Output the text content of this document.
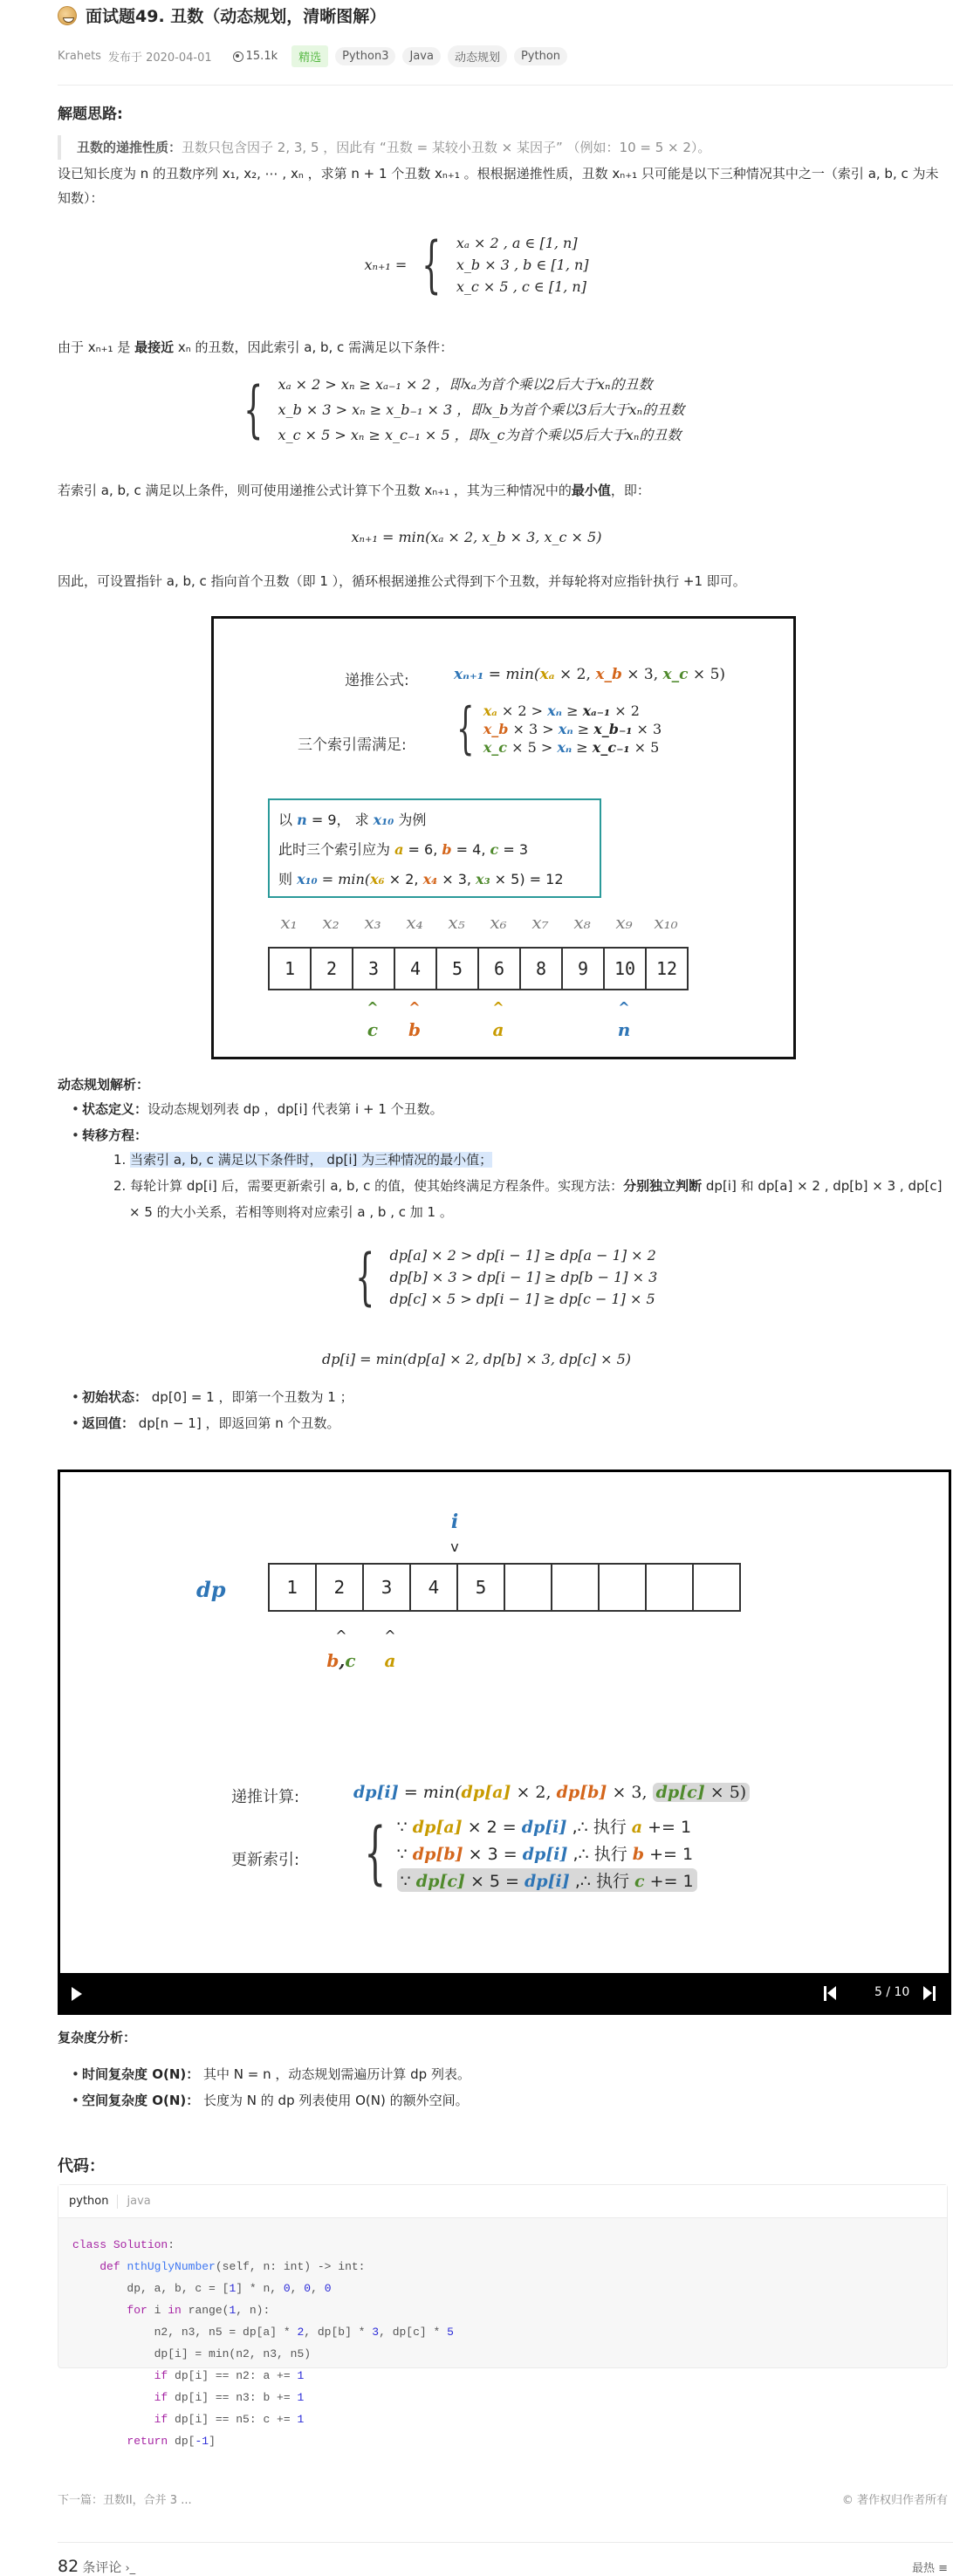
面试题49. 丑数（动态规划，清晰图解）
Krahets 发布于 2020-04-01	15.1k	精选	Python3	Java	动态规划	Python
解题思路:
丑数的递推性质：丑数只包含因子 2, 3, 5 ，因此有 “丑数 = 某较小丑数 × 某因子” （例如：10 = 5 × 2）。
设已知长度为 n 的丑数序列 x₁, x₂, ⋯ , xₙ ，求第 n + 1 个丑数 xₙ₊₁ 。根根据递推性质，丑数 xₙ₊₁ 只可能是以下三种情况其中之一（索引 a, b, c 为未知数）：
xₙ₊₁ = { xₐ × 2 , a ∈ [1, n]
x_b × 3 , b ∈ [1, n]
x_c × 5 , c ∈ [1, n]
由于 xₙ₊₁ 是 最接近 xₙ 的丑数，因此索引 a, b, c 需满足以下条件：
{ xₐ × 2 > xₙ ≥ xₐ₋₁ × 2 ，即xₐ为首个乘以2后大于xₙ的丑数
x_b × 3 > xₙ ≥ x_b₋₁ × 3 ，即x_b为首个乘以3后大于xₙ的丑数
x_c × 5 > xₙ ≥ x_c₋₁ × 5 ，即x_c为首个乘以5后大于xₙ的丑数
若索引 a, b, c 满足以上条件，则可使用递推公式计算下个丑数 xₙ₊₁ ，其为三种情况中的最小值，即：
xₙ₊₁ = min(xₐ × 2, x_b × 3, x_c × 5)
因此，可设置指针 a, b, c 指向首个丑数（即 1 ），循环根据递推公式得到下个丑数，并每轮将对应指针执行 +1 即可。
递推公式:	xₙ₊₁ = min(xₐ × 2, x_b × 3, x_c × 5)
三个索引需满足: { xₐ × 2 > xₙ ≥ xₐ₋₁ × 2
x_b × 3 > xₙ ≥ x_b₋₁ × 3
x_c × 5 > xₙ ≥ x_c₋₁ × 5
以 n = 9， 求 x₁₀ 为例
此时三个索引应为 a = 6, b = 4, c = 3
则 x₁₀ = min(x₆ × 2, x₄ × 3, x₃ × 5) = 12
x₁	x₂	x₃	x₄	x₅	x₆	x₇	x₈	x₉	x₁₀
1	2	3	4	5	6	8	9	10	12
^
c
^
b
^
a
^
n
动态规划解析：
• 状态定义：设动态规划列表 dp ，dp[i] 代表第 i + 1 个丑数。
• 转移方程：
1. 当索引 a, b, c 满足以下条件时， dp[i] 为三种情况的最小值；
2. 每轮计算 dp[i] 后，需要更新索引 a, b, c 的值，使其始终满足方程条件。实现方法：分别独立判断 dp[i] 和 dp[a] × 2 , dp[b] × 3 , dp[c] × 5 的大小关系，若相等则将对应索引 a , b , c 加 1 。
{ dp[a] × 2 > dp[i − 1] ≥ dp[a − 1] × 2
dp[b] × 3 > dp[i − 1] ≥ dp[b − 1] × 3
dp[c] × 5 > dp[i − 1] ≥ dp[c − 1] × 5
dp[i] = min(dp[a] × 2, dp[b] × 3, dp[c] × 5)
• 初始状态： dp[0] = 1 ，即第一个丑数为 1 ；
• 返回值： dp[n − 1] ，即返回第 n 个丑数。
i
v
dp	1	2	3	4	5
^
b,c
^
a
递推计算:	dp[i] = min(dp[a] × 2, dp[b] × 3, dp[c] × 5)
更新索引: { ∵ dp[a] × 2 = dp[i] ,∴ 执行 a += 1
∵ dp[b] × 3 = dp[i] ,∴ 执行 b += 1
∵ dp[c] × 5 = dp[i] ,∴ 执行 c += 1
5 / 10
复杂度分析：
• 时间复杂度 O(N)： 其中 N = n ，动态规划需遍历计算 dp 列表。
• 空间复杂度 O(N)： 长度为 N 的 dp 列表使用 O(N) 的额外空间。
代码：
python java
class Solution:
def nthUglyNumber(self, n: int) -> int:
dp, a, b, c = [1] * n, 0, 0, 0
for i in range(1, n):
n2, n3, n5 = dp[a] * 2, dp[b] * 3, dp[c] * 5
dp[i] = min(n2, n3, n5)
if dp[i] == n2: a += 1
if dp[i] == n3: b += 1
if dp[i] == n5: c += 1
return dp[-1]
下一篇：丑数II，合并 3 ...	© 著作权归作者所有
82 条评论 ›_	最热 ≡
